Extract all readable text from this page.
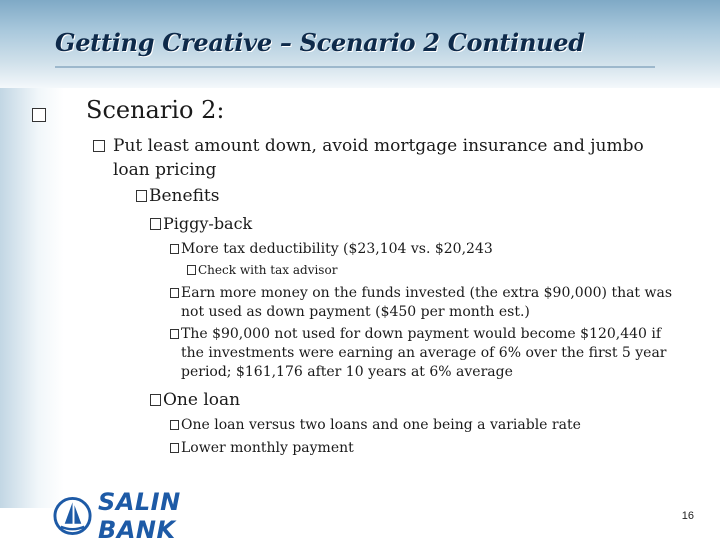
Getting Creative – Scenario 2 Continued
Scenario 2:
Put least amount down, avoid mortgage insurance and jumbo loan pricing
Benefits
Piggy-back
More tax deductibility ($23,104 vs. $20,243
Check with tax advisor
Earn more money on the funds invested (the extra $90,000) that was
not used as down payment ($450 per month est.)
The $90,000 not used for down payment would become $120,440 if
the investments were earning an average of 6% over the first 5 year
period; $161,176 after 10 years at 6% average
One loan
One loan versus two loans and one being a variable rate
Lower monthly payment
SALIN BANK	16
